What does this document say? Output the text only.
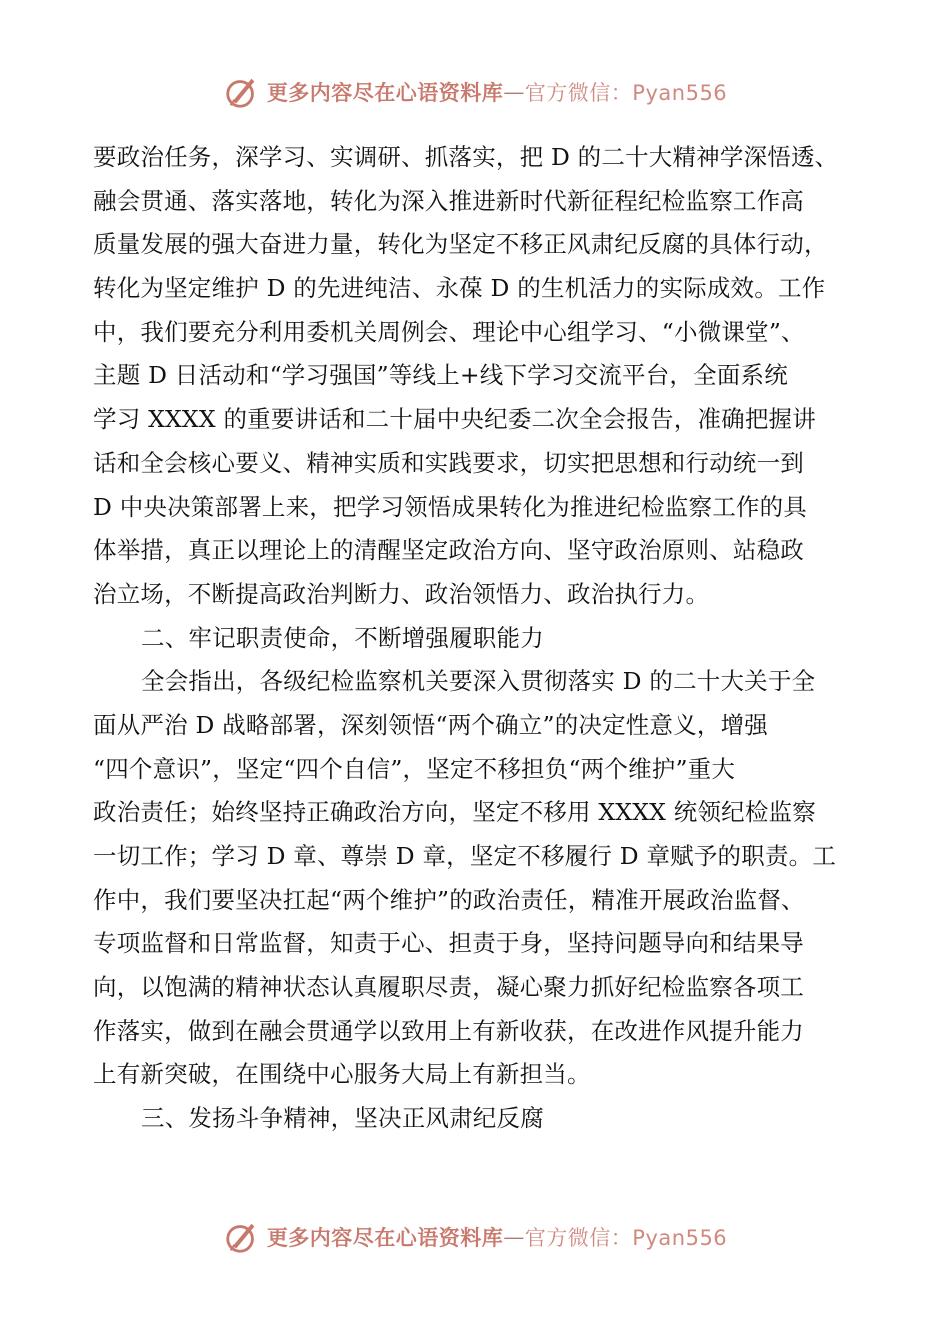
更多内容尽在心语资料库 — 官方微信：Pyan556
要政治任务，深学习、实调研、抓落实，把 D 的二十大精神学深悟透、
融会贯通、落实落地，转化为深入推进新时代新征程纪检监察工作高
质量发展的强大奋进力量，转化为坚定不移正风肃纪反腐的具体行动，
转化为坚定维护 D 的先进纯洁、永葆 D 的生机活力的实际成效。工作
中，我们要充分利用委机关周例会、理论中心组学习、“小微课堂”、
主题 D 日活动和“学习强国”等线上+线下学习交流平台，全面系统
学习 XXXX 的重要讲话和二十届中央纪委二次全会报告，准确把握讲
话和全会核心要义、精神实质和实践要求，切实把思想和行动统一到
D 中央决策部署上来，把学习领悟成果转化为推进纪检监察工作的具
体举措，真正以理论上的清醒坚定政治方向、坚守政治原则、站稳政
治立场，不断提高政治判断力、政治领悟力、政治执行力。
二、牢记职责使命，不断增强履职能力
全会指出，各级纪检监察机关要深入贯彻落实 D 的二十大关于全
面从严治 D 战略部署，深刻领悟“两个确立”的决定性意义，增强
“四个意识”，坚定“四个自信”，坚定不移担负“两个维护”重大
政治责任；始终坚持正确政治方向，坚定不移用 XXXX 统领纪检监察
一切工作；学习 D 章、尊崇 D 章，坚定不移履行 D 章赋予的职责。工
作中，我们要坚决扛起“两个维护”的政治责任，精准开展政治监督、
专项监督和日常监督，知责于心、担责于身，坚持问题导向和结果导
向，以饱满的精神状态认真履职尽责，凝心聚力抓好纪检监察各项工
作落实，做到在融会贯通学以致用上有新收获，在改进作风提升能力
上有新突破，在围绕中心服务大局上有新担当。
三、发扬斗争精神，坚决正风肃纪反腐
更多内容尽在心语资料库 — 官方微信：Pyan556
